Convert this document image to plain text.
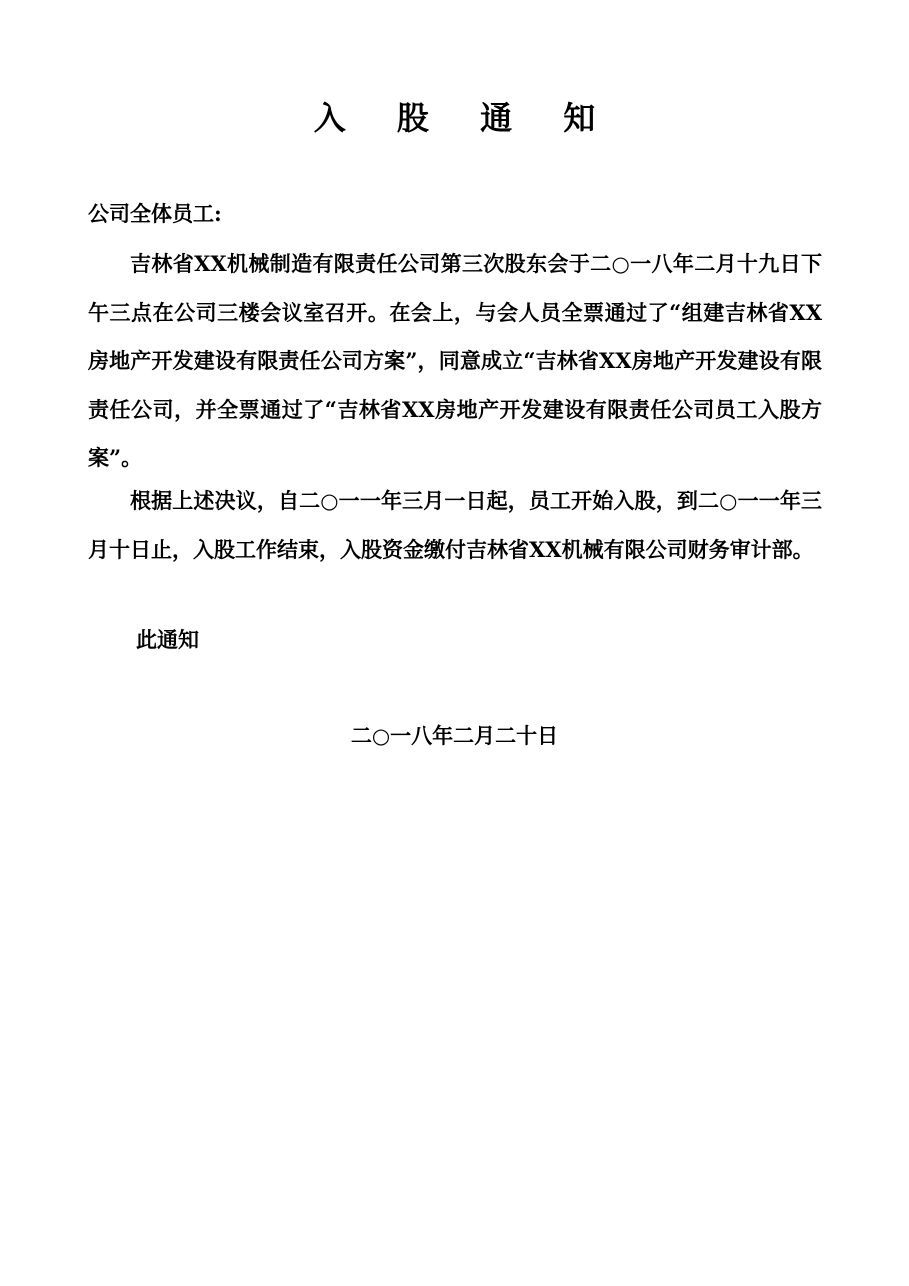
入 股 通 知
公司全体员工:

吉林省XX机械制造有限责任公司第三次股东会于二○一八年二月十九日下午三点在公司三楼会议室召开。在会上，与会人员全票通过了“组建吉林省XX房地产开发建设有限责任公司方案”，同意成立“吉林省XX房地产开发建设有限责任公司，并全票通过了“吉林省XX房地产开发建设有限责任公司员工入股方案”。

根据上述决议，自二○一一年三月一日起，员工开始入股，到二○一一年三月十日止，入股工作结束，入股资金缴付吉林省XX机械有限公司财务审计部。

此通知
二○一八年二月二十日
